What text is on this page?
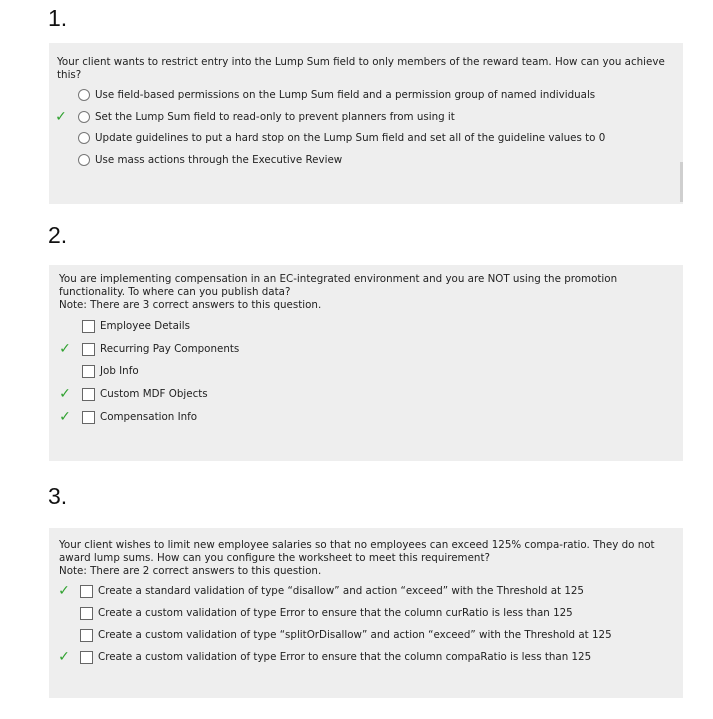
1.
Your client wants to restrict entry into the Lump Sum field to only members of the reward team. How can you achieve this?
Use field-based permissions on the Lump Sum field and a permission group of named individuals
✓	Set the Lump Sum field to read-only to prevent planners from using it
Update guidelines to put a hard stop on the Lump Sum field and set all of the guideline values to 0
Use mass actions through the Executive Review
2.
You are implementing compensation in an EC-integrated environment and you are NOT using the promotion
functionality. To where can you publish data?
Note: There are 3 correct answers to this question.
Employee Details
✓	Recurring Pay Components
Job Info
✓	Custom MDF Objects
✓	Compensation Info
3.
Your client wishes to limit new employee salaries so that no employees can exceed 125% compa-ratio. They do not
award lump sums. How can you configure the worksheet to meet this requirement?
Note: There are 2 correct answers to this question.
✓	Create a standard validation of type “disallow” and action “exceed” with the Threshold at 125
Create a custom validation of type Error to ensure that the column curRatio is less than 125
Create a custom validation of type “splitOrDisallow” and action “exceed” with the Threshold at 125
✓	Create a custom validation of type Error to ensure that the column compaRatio is less than 125
